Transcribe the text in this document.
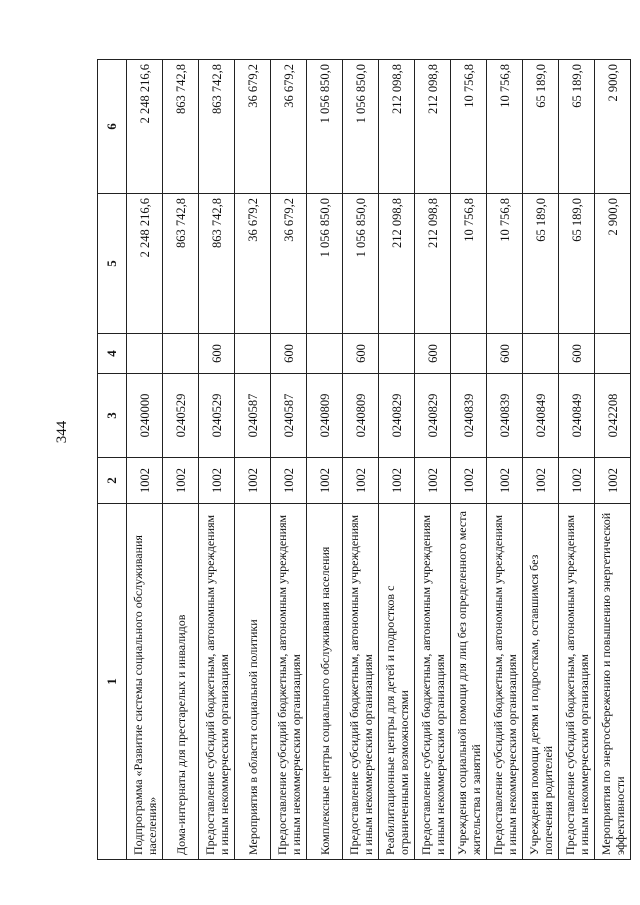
344
1	2	3	4	5	6
Подпрограмма «Развитие системы социального обслуживания населения»	1002	0240000		2 248 216,6	2 248 216,6
Дома-интернаты для престарелых и инвалидов	1002	0240529		863 742,8	863 742,8
Предоставление субсидий бюджетным, автономным учреждениям и иным некоммерческим организациям	1002	0240529	600	863 742,8	863 742,8
Мероприятия в области социальной политики	1002	0240587		36 679,2	36 679,2
Предоставление субсидий бюджетным, автономным учреждениям и иным некоммерческим организациям	1002	0240587	600	36 679,2	36 679,2
Комплексные центры социального обслуживания населения	1002	0240809		1 056 850,0	1 056 850,0
Предоставление субсидий бюджетным, автономным учреждениям и иным некоммерческим организациям	1002	0240809	600	1 056 850,0	1 056 850,0
Реабилитационные центры для детей и подростков с ограниченными возможностями	1002	0240829		212 098,8	212 098,8
Предоставление субсидий бюджетным, автономным учреждениям и иным некоммерческим организациям	1002	0240829	600	212 098,8	212 098,8
Учреждения социальной помощи для лиц без определенного места жительства и занятий	1002	0240839		10 756,8	10 756,8
Предоставление субсидий бюджетным, автономным учреждениям и иным некоммерческим организациям	1002	0240839	600	10 756,8	10 756,8
Учреждения помощи детям и подросткам, оставшимся без попечения родителей	1002	0240849		65 189,0	65 189,0
Предоставление субсидий бюджетным, автономным учреждениям и иным некоммерческим организациям	1002	0240849	600	65 189,0	65 189,0
Мероприятия по энергосбережению и повышению энергетической эффективности	1002	0242208		2 900,0	2 900,0
